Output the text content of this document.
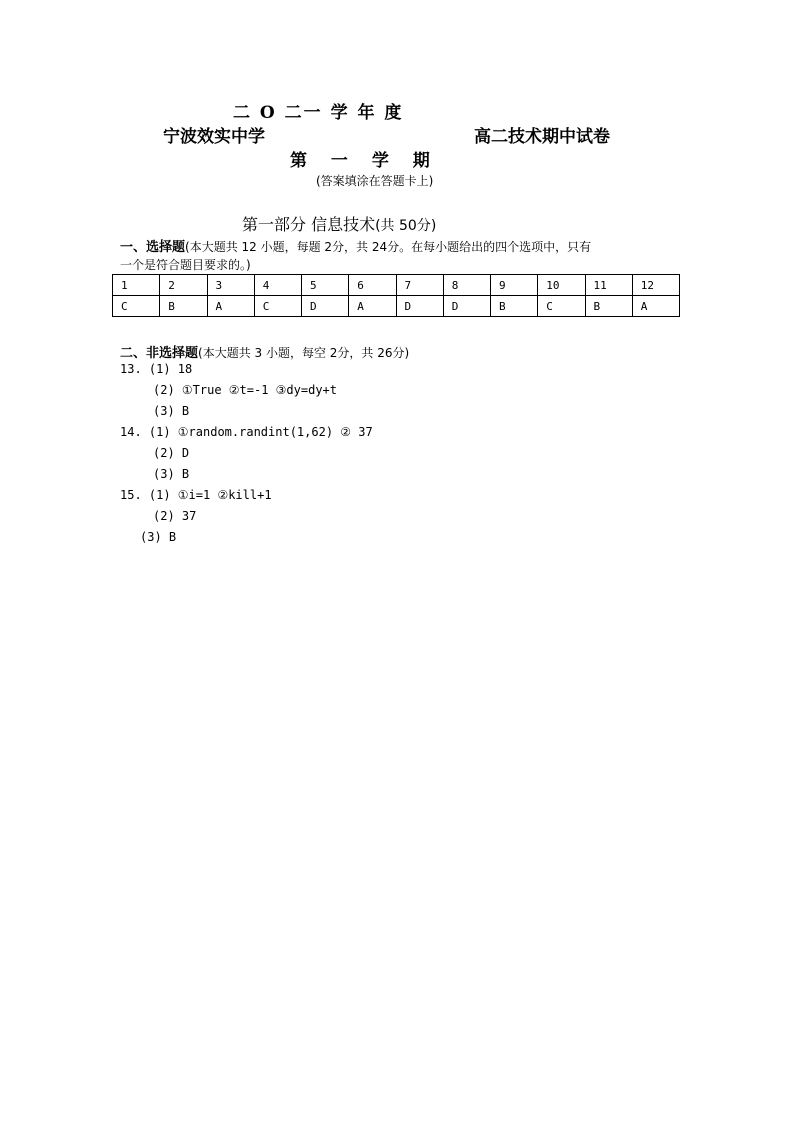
二 O 二一 学 年 度
宁波效实中学	高二技术期中试卷
第 一 学 期
(答案填涂在答题卡上)
第一部分 信息技术(共 50分)
一、选择题(本大题共 12 小题，每题 2分，共 24分。在每小题给出的四个选项中，只有
一个是符合题目要求的。)
1	2	3	4	5	6	7	8	9	10	11	12
C	B	A	C	D	A	D	D	B	C	B	A
二、非选择题(本大题共 3 小题，每空 2分，共 26分)
13. (1) 18
(2) ①True ②t=-1 ③dy=dy+t
(3) B
14. (1) ①random.randint(1,62) ② 37
(2) D
(3) B
15. (1) ①i=1 ②kill+1
(2) 37
(3) B
